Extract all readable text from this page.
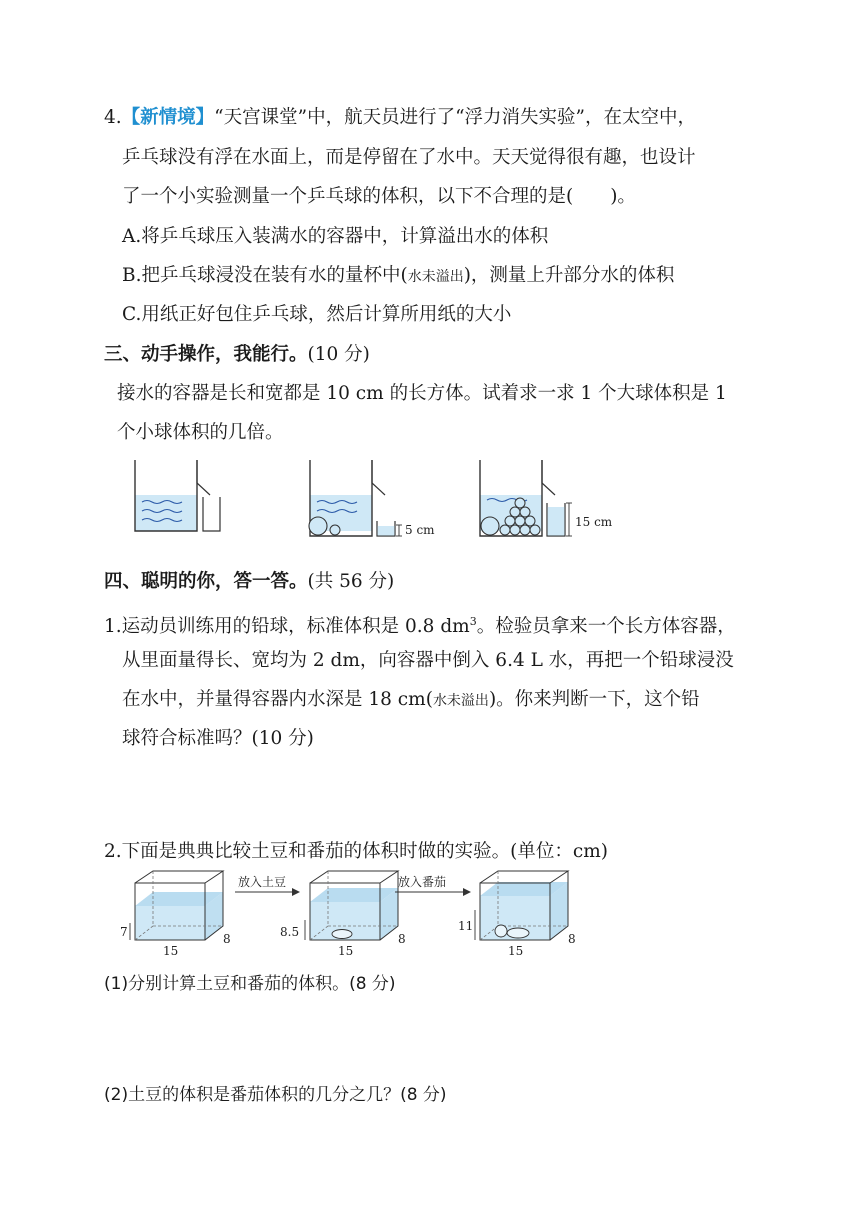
4.【新情境】“天宫课堂”中，航天员进行了“浮力消失实验”，在太空中，
乒乓球没有浮在水面上，而是停留在了水中。天天觉得很有趣，也设计
了一个小实验测量一个乒乓球的体积，以下不合理的是(　　)。
A.将乒乓球压入装满水的容器中，计算溢出水的体积
B.把乒乓球浸没在装有水的量杯中(水未溢出)，测量上升部分水的体积
C.用纸正好包住乒乓球，然后计算所用纸的大小
三、动手操作，我能行。(10 分)
接水的容器是长和宽都是 10 cm 的长方体。试着求一求 1 个大球体积是 1
个小球体积的几倍。
5 cm
15 cm
四、聪明的你，答一答。(共 56 分)
1.运动员训练用的铅球，标准体积是 0.8 $dm^3$。检验员拿来一个长方体容器，
从里面量得长、宽均为 2 dm，向容器中倒入 6.4 L 水，再把一个铅球浸没
在水中，并量得容器内水深是 18 cm(水未溢出)。你来判断一下，这个铅
球符合标准吗？(10 分)
2.下面是典典比较土豆和番茄的体积时做的实验。(单位：cm)
7
15
8
放入土豆
8.5
15
8
放入番茄
11
15
8
(1)分别计算土豆和番茄的体积。(8 分)
(2)土豆的体积是番茄体积的几分之几？(8 分)
